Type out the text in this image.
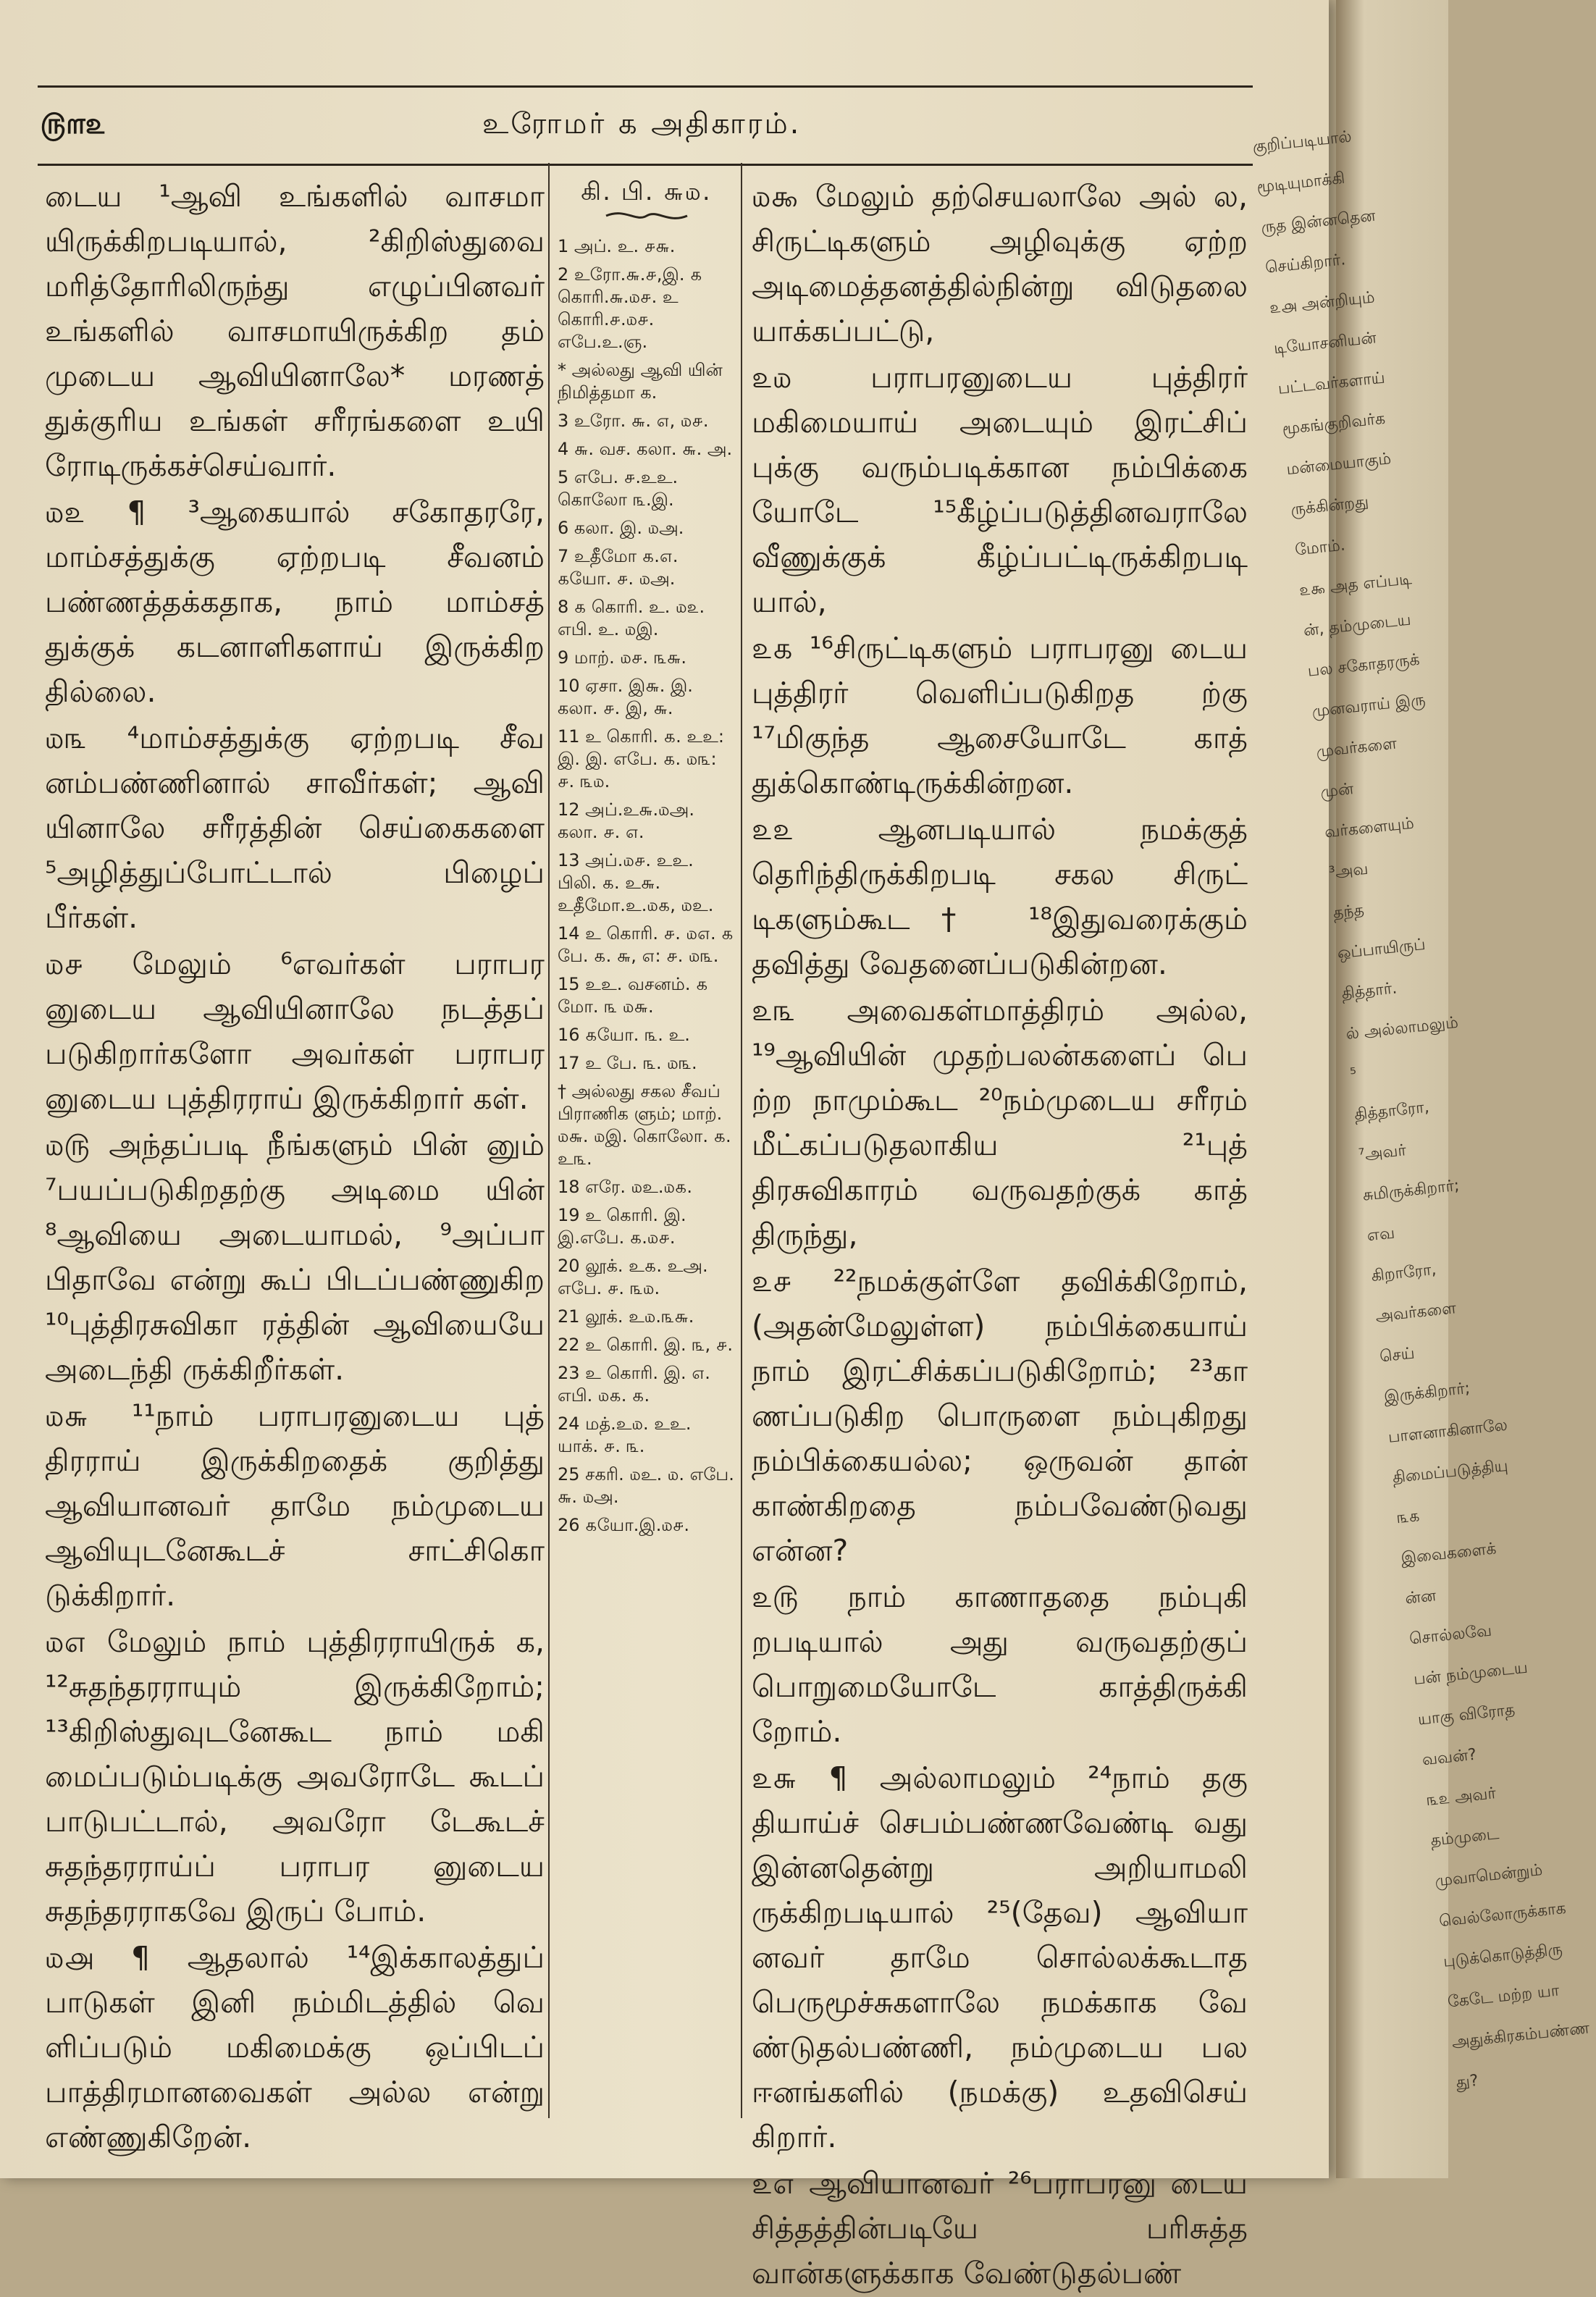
௫௱௨	உரோமர் ௧ அதிகாரம்.

டைய ¹ஆவி உங்களில் வாசமா யிருக்கிறபடியால், ²கிறிஸ்துவை மரித்தோரிலிருந்து எழுப்பினவர் உங்களில் வாசமாயிருக்கிற தம் முடைய ஆவியினாலே* மரணத் துக்குரிய உங்கள் சரீரங்களை உயி ரோடிருக்கச்செய்வார்.

௰௨ ¶ ³ஆகையால் சகோதரரே, மாம்சத்துக்கு ஏற்றபடி சீவனம் பண்ணத்தக்கதாக, நாம் மாம்சத் துக்குக் கடனாளிகளாய் இருக்கிற தில்லை.

௰௩ ⁴மாம்சத்துக்கு ஏற்றபடி சீவ னம்பண்ணினால் சாவீர்கள்; ஆவி யினாலே சரீரத்தின் செய்கைகளை ⁵அழித்துப்போட்டால் பிழைப் பீர்கள்.

௰௪ மேலும் ⁶எவர்கள் பராபர னுடைய ஆவியினாலே நடத்தப் படுகிறார்களோ அவர்கள் பராபர னுடைய புத்திரராய் இருக்கிறார் கள்.

௰௫ அந்தப்படி நீங்களும் பின் னும் ⁷பயப்படுகிறதற்கு அடிமை யின் ⁸ஆவியை அடையாமல், ⁹அப்பா பிதாவே என்று கூப் பிடப்பண்ணுகிற ¹⁰புத்திரசுவிகா ரத்தின் ஆவியையே அடைந்தி ருக்கிறீர்கள்.

௰௬ ¹¹நாம் பராபரனுடைய புத் திரராய் இருக்கிறதைக் குறித்து ஆவியானவர் தாமே நம்முடைய ஆவியுடனேகூடச் சாட்சிகொ டுக்கிறார்.

௰௭ மேலும் நாம் புத்திரராயிருக் க, ¹²சுதந்தரராயும் இருக்கிறோம்; ¹³கிறிஸ்துவுடனேகூட நாம் மகி மைப்படும்படிக்கு அவரோடே கூடப் பாடுபட்டால், அவரோ டேகூடச் சுதந்தரராய்ப் பராபர னுடைய சுதந்தரராகவே இருப் போம்.

௰௮ ¶ ஆதலால் ¹⁴இக்காலத்துப் பாடுகள் இனி நம்மிடத்தில் வெ ளிப்படும் மகிமைக்கு ஒப்பிடப் பாத்திரமானவைகள் அல்ல என்று எண்ணுகிறேன்.

கி. பி. ௬௰.
1 அப். உ. ௪௬.
2 உரோ.௬.௪,இ. ௧ கொரி.௬.௰௪. உ கொரி.௪.௰௪. எபே.உ.ஞ.
* அல்லது ஆவி யின் நிமித்தமா க.
3 உரோ. ௬. ௭, ௰௪.
4 ௬. வச. கலா. ௬. அ.
5 எபே. ௪.உஉ. கொலோ ௩.இ.
6 கலா. இ. ௰அ.
7 உதீமோ ௧.௭. ௧யோ. ௪. ௰அ.
8 ௧ கொரி. உ. ௰௨. எபி. உ. ௰இ.
9 மாற். ௰௪. ௩௬.
10 ஏசா. இ௬. இ. கலா. ௪. இ, ௬.
11 உ கொரி. ௧. உஉ: இ. இ. எபே. ௧. ௰௩: ௪. ௩௰.
12 அப்.உ௬.௰அ. கலா. ௪. ௭.
13 அப்.௰௪. உஉ. பிலி. ௧. உ௬. உதீமோ.உ.௰௧, ௰உ.
14 உ கொரி. ௪. ௰௭. ௧ பே. ௧. ௬, ௭: ௪. ௰௩.
15 உஉ. வசனம். ௧ மோ. ௩ ௰௬.
16 ௧யோ. ௩. உ.
17 உ பே. ௩. ௰௩.
† அல்லது சகல சீவப் பிராணிக ளும்; மாற். ௰௬. ௰இ. கொலோ. ௧. உ௩.
18 எரே. ௰உ.௰௧.
19 உ கொரி. இ. இ.எபே. ௧.௰௪.
20 லூக். உ௧. உஅ. எபே. ௪. ௩௰.
21 லூக். உ௰.௩௬.
22 உ கொரி. இ. ௩, ௪.
23 உ கொரி. இ. ௭. எபி. ௰௧. ௧.
24 மத்.உ௰. உஉ. யாக். ௪. ௩.
25 சகரி. ௰உ. ௰. எபே. ௬. ௰அ.
26 ௧யோ.இ.௰௪.

௰௯ மேலும் தற்செயலாலே அல் ல, சிருட்டிகளும் அழிவுக்கு ஏற்ற அடிமைத்தனத்தில்நின்று விடுதலை யாக்கப்பட்டு,

௨௰ பராபரனுடைய புத்திரர் மகிமையாய் அடையும் இரட்சிப் புக்கு வரும்படிக்கான நம்பிக்கை யோடே ¹⁵கீழ்ப்படுத்தினவராலே வீணுக்குக் கீழ்ப்பட்டிருக்கிறபடி யால்,

௨௧ ¹⁶சிருட்டிகளும் பராபரனு டைய புத்திரர் வெளிப்படுகிறத ற்கு ¹⁷மிகுந்த ஆசையோடே காத் துக்கொண்டிருக்கின்றன.

௨௨ ஆனபடியால் நமக்குத் தெரிந்திருக்கிறபடி சகல சிருட் டிகளும்கூட† ¹⁸இதுவரைக்கும் தவித்து வேதனைப்படுகின்றன.

௨௩ அவைகள்மாத்திரம் அல்ல, ¹⁹ஆவியின் முதற்பலன்களைப் பெ ற்ற நாமும்கூட ²⁰நம்முடைய சரீரம் மீட்கப்படுதலாகிய ²¹புத் திரசுவிகாரம் வருவதற்குக் காத் திருந்து,

௨௪ ²²நமக்குள்ளே தவிக்கிறோம், (அதன்மேலுள்ள) நம்பிக்கையாய் நாம் இரட்சிக்கப்படுகிறோம்; ²³கா ணப்படுகிற பொருளை நம்புகிறது நம்பிக்கையல்ல; ஒருவன் தான் காண்கிறதை நம்பவேண்டுவது என்ன?

௨௫ நாம் காணாததை நம்புகி றபடியால் அது வருவதற்குப் பொறுமையோடே காத்திருக்கி றோம்.

௨௬ ¶ அல்லாமலும் ²⁴நாம் தகு தியாய்ச் செபம்பண்ணவேண்டி வது இன்னதென்று அறியாமலி ருக்கிறபடியால் ²⁵(தேவ) ஆவியா னவர் தாமே சொல்லக்கூடாத பெருமூச்சுகளாலே நமக்காக வே ண்டுதல்பண்ணி, நம்முடைய பல ஈனங்களில் (நமக்கு) உதவிசெய் கிறார்.

௨௭ ஆவியானவர் ²⁶பராபரனு டைய சித்தத்தின்படியே பரிசுத்த வான்களுக்காக வேண்டுதல்பண்

குறிப்படியால்
மூடியுமாக்கி
ருத இன்னதென
செய்கிறார்.
௨௮ அன்றியும்
டியோசனியன்
பட்டவர்களாய்
மூகங்குறிவர்க
மன்மையாகும்
ருக்கின்றது
மோம்.
௨௯ அத எப்படி
ன், தம்முடைய
பல சகோதரருக்
முனவராய் இரு
முவர்களை முன்
வர்களையும் ³அவ
தந்த ஒப்பாயிருப்
தித்தார்.
ல் அல்லாமலும் ⁵
தித்தாரோ, ⁷அவர்
சுமிருக்கிறார்; எவ
கிறாரோ, அவர்களை
செய் இருக்கிறார்;
பாளனாகினாலே
திமைப்படுத்தியு
௩௧ இவைகளைக்
ன்ன சொல்லவே
பன் நம்முடைய
யாகு விரோத
வவன்?
௩௨ அவர் தம்முடை
முவாமென்றும்
வெல்லோருக்காக
புடுக்கொடுத்திரு
கேடே மற்ற யா
அதுக்கிரகம்பண்ண
து?
